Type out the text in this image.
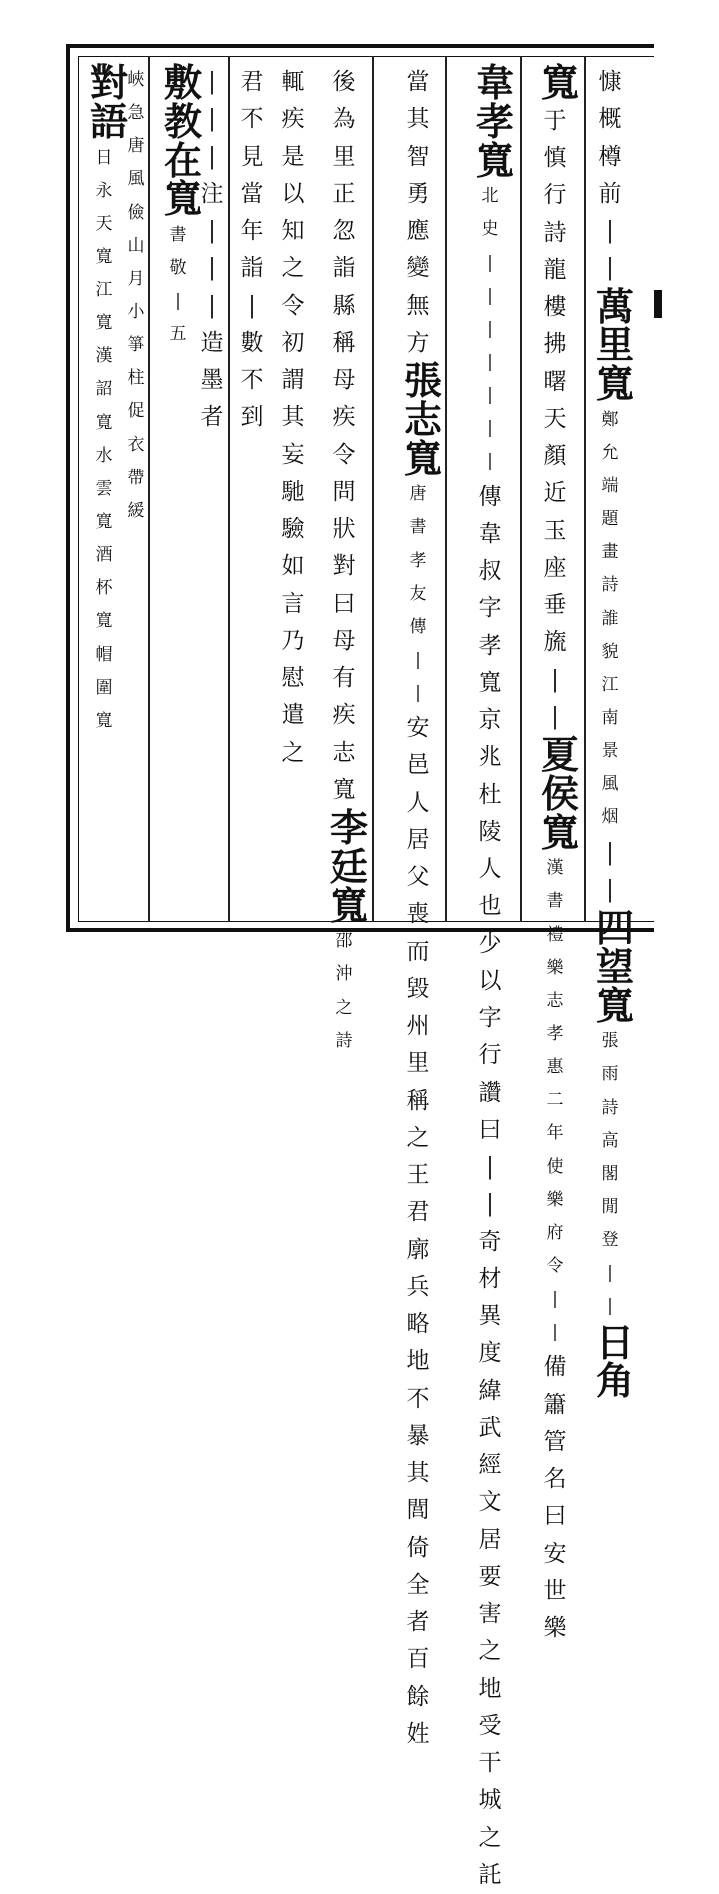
慷
概
樽
前
|
|
萬
里
寬
鄭
允
端
題
畫
詩
誰
貌
江
南
景
風
烟
|
|
四
望
寬
張
雨
詩
高
閣
閒
登
|
|
日
角
寬
于
慎
行
詩
龍
樓
拂
曙
天
顏
近
玉
座
垂
旒
|
|
夏
侯
寬
漢
書
禮
樂
志
孝
惠
二
年
使
樂
府
令
|
|
備
簫
管
名
曰
安
世
樂
韋
孝
寬
北
史
|
|
|
|
|
|
|
傳
韋
叔
字
孝
寬
京
兆
杜
陵
人
也
少
以
字
行
讚
曰
|
|
奇
材
異
度
緯
武
經
文
居
要
害
之
地
受
干
城
之
託
當
其
智
勇
應
變
無
方
張
志
寬
唐
書
孝
友
傳
|
|
安
邑
人
居
父
喪
而
毀
州
里
稱
之
王
君
廓
兵
略
地
不
暴
其
閭
倚
全
者
百
餘
姓
後
為
里
正
忽
詣
縣
稱
母
疾
令
問
狀
對
曰
母
有
疾
志
寬
李
廷
寬
邵
沖
之
詩
輒
疾
是
以
知
之
令
初
謂
其
妄
馳
驗
如
言
乃
慰
遣
之
君
不
見
當
年
詣
|
數
不
到
|
|
|
注
|
|
|
造
墨
者
敷
教
在
寬
書
敬
|
五
對
語
日
永
天
寬
江
寬
漢
詔
寬
水
雲
寬
酒
杯
寬
帽
圍
寬
峽
急
唐
風
儉
山
月
小
箏
柱
促
衣
帶
緩
